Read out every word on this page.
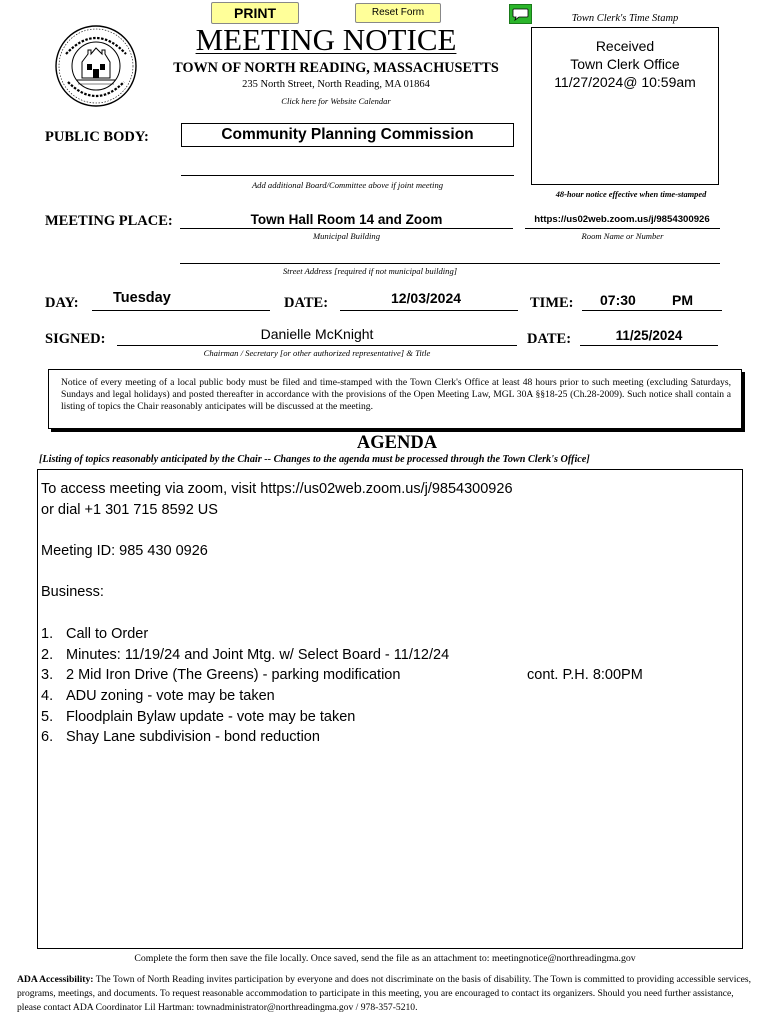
PRINT	Reset Form
MEETING NOTICE
TOWN OF NORTH READING, MASSACHUSETTS
235 North Street, North Reading, MA 01864
Click here for Website Calendar
Town Clerk's Time Stamp
Received
Town Clerk Office
11/27/2024@ 10:59am
48-hour notice effective when time-stamped
PUBLIC BODY:	Community Planning Commission
Add additional Board/Committee above if joint meeting
MEETING PLACE:	Town Hall Room 14 and Zoom
Municipal Building
https://us02web.zoom.us/j/9854300926
Room Name or Number
Street Address [required if not municipal building]
DAY: Tuesday	DATE:	12/03/2024	TIME: 07:30	PM
SIGNED:	Danielle McKnight
Chairman / Secretary [or other authorized representative] & Title
DATE:	11/25/2024
Notice of every meeting of a local public body must be filed and time-stamped with the Town Clerk's Office at least 48 hours prior to such meeting (excluding Saturdays, Sundays and legal holidays) and posted thereafter in accordance with the provisions of the Open Meeting Law, MGL 30A §§18-25 (Ch.28-2009). Such notice shall contain a listing of topics the Chair reasonably anticipates will be discussed at the meeting.
AGENDA
[Listing of topics reasonably anticipated by the Chair -- Changes to the agenda must be processed through the Town Clerk's Office]
To access meeting via zoom, visit https://us02web.zoom.us/j/9854300926
or dial +1 301 715 8592 US
Meeting ID: 985 430 0926
Business:
1. Call to Order
2. Minutes: 11/19/24 and Joint Mtg. w/ Select Board - 11/12/24
3. 2 Mid Iron Drive (The Greens) - parking modification	cont. P.H. 8:00PM
4. ADU zoning - vote may be taken
5. Floodplain Bylaw update - vote may be taken
6. Shay Lane subdivision - bond reduction
Complete the form then save the file locally. Once saved, send the file as an attachment to: meetingnotice@northreadingma.gov
ADA Accessibility: The Town of North Reading invites participation by everyone and does not discriminate on the basis of disability. The Town is committed to providing accessible services, programs, meetings, and documents. To request reasonable accommodation to participate in this meeting, you are encouraged to contact its organizers. Should you need further assistance, please contact ADA Coordinator Lil Hartman: townadministrator@northreadingma.gov / 978-357-5210.
